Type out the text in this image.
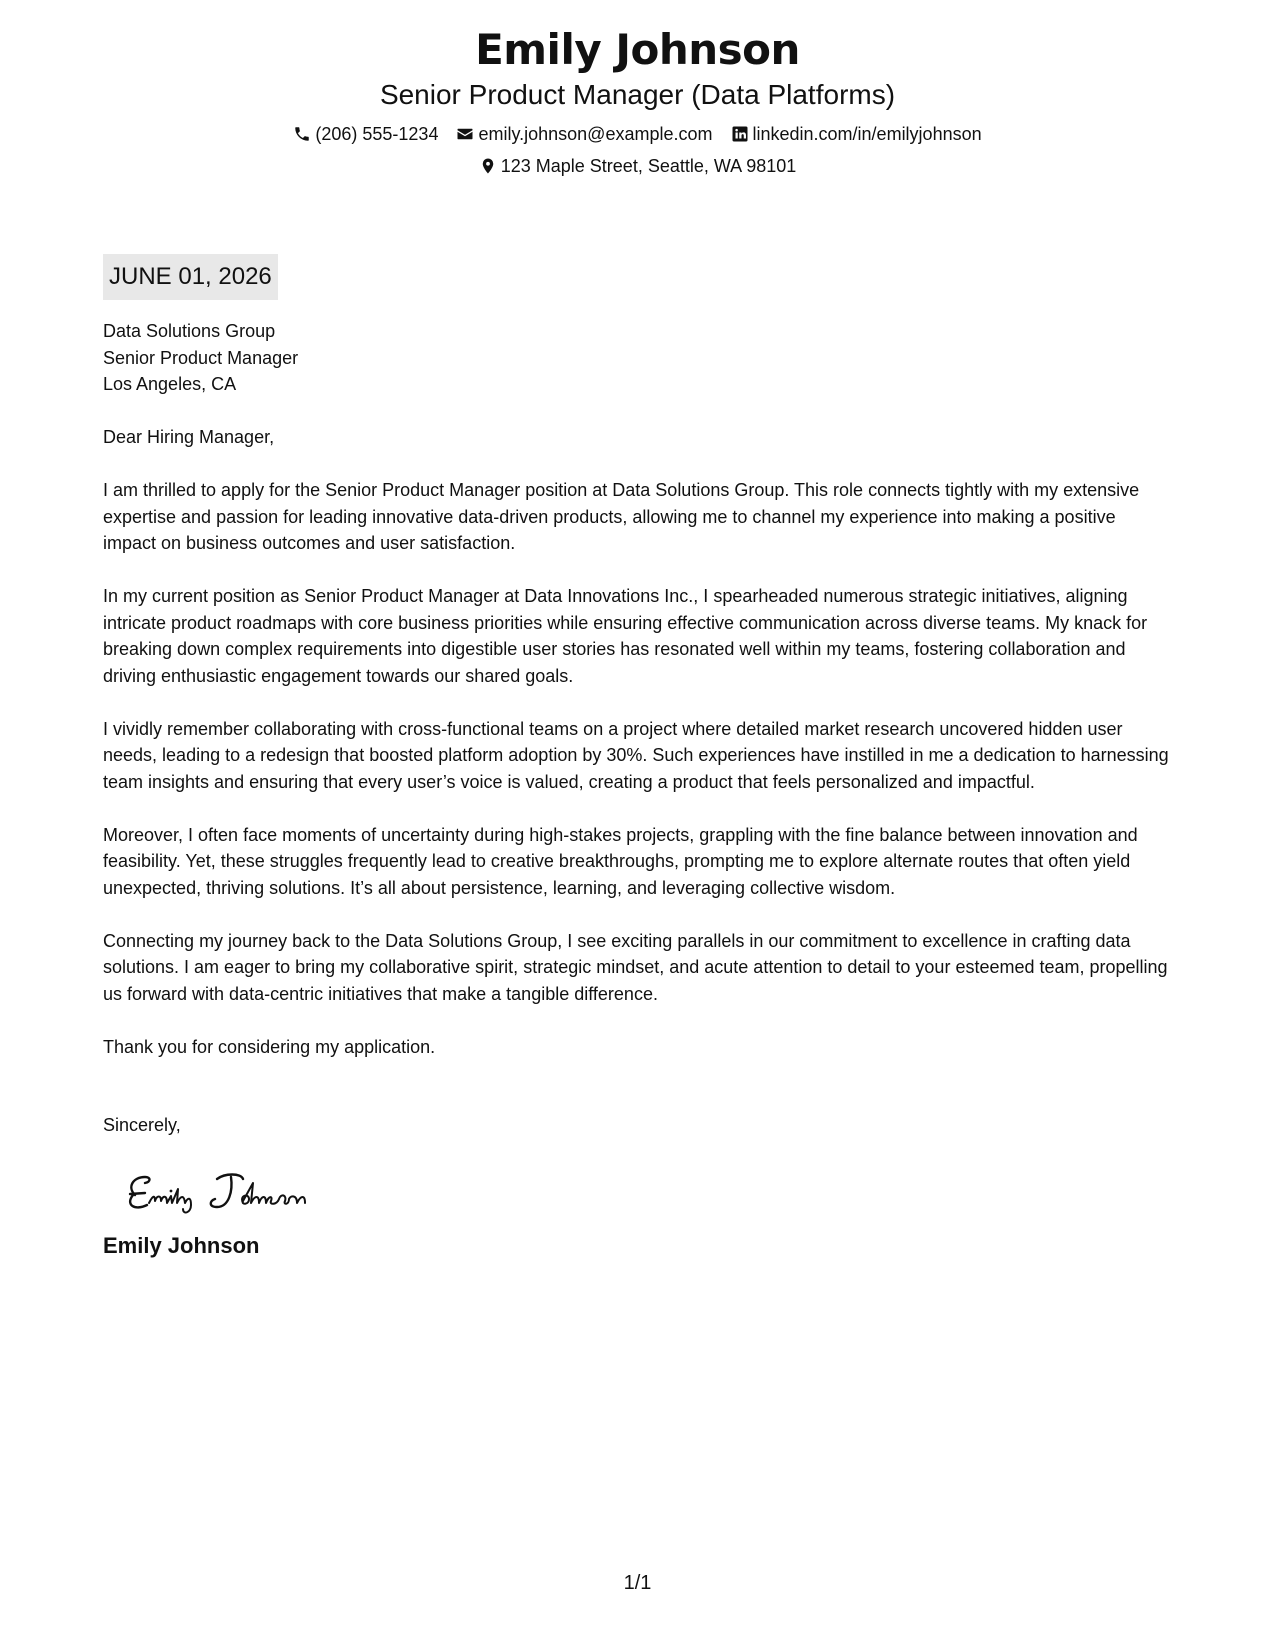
Emily Johnson
Senior Product Manager (Data Platforms)
(206) 555-1234 emily.johnson@example.com linkedin.com/in/emilyjohnson
123 Maple Street, Seattle, WA 98101
JUNE 01, 2026
Data Solutions Group
Senior Product Manager
Los Angeles, CA

Dear Hiring Manager,

I am thrilled to apply for the Senior Product Manager position at Data Solutions Group. This role connects tightly with my extensive expertise and passion for leading innovative data-driven products, allowing me to channel my experience into making a positive impact on business outcomes and user satisfaction.

In my current position as Senior Product Manager at Data Innovations Inc., I spearheaded numerous strategic initiatives, aligning intricate product roadmaps with core business priorities while ensuring effective communication across diverse teams. My knack for breaking down complex requirements into digestible user stories has resonated well within my teams, fostering collaboration and driving enthusiastic engagement towards our shared goals.

I vividly remember collaborating with cross-functional teams on a project where detailed market research uncovered hidden user needs, leading to a redesign that boosted platform adoption by 30%. Such experiences have instilled in me a dedication to harnessing team insights and ensuring that every user’s voice is valued, creating a product that feels personalized and impactful.

Moreover, I often face moments of uncertainty during high-stakes projects, grappling with the fine balance between innovation and feasibility. Yet, these struggles frequently lead to creative breakthroughs, prompting me to explore alternate routes that often yield unexpected, thriving solutions. It’s all about persistence, learning, and leveraging collective wisdom.

Connecting my journey back to the Data Solutions Group, I see exciting parallels in our commitment to excellence in crafting data solutions. I am eager to bring my collaborative spirit, strategic mindset, and acute attention to detail to your esteemed team, propelling us forward with data-centric initiatives that make a tangible difference.

Thank you for considering my application.

Sincerely,
Emily Johnson
1/1
